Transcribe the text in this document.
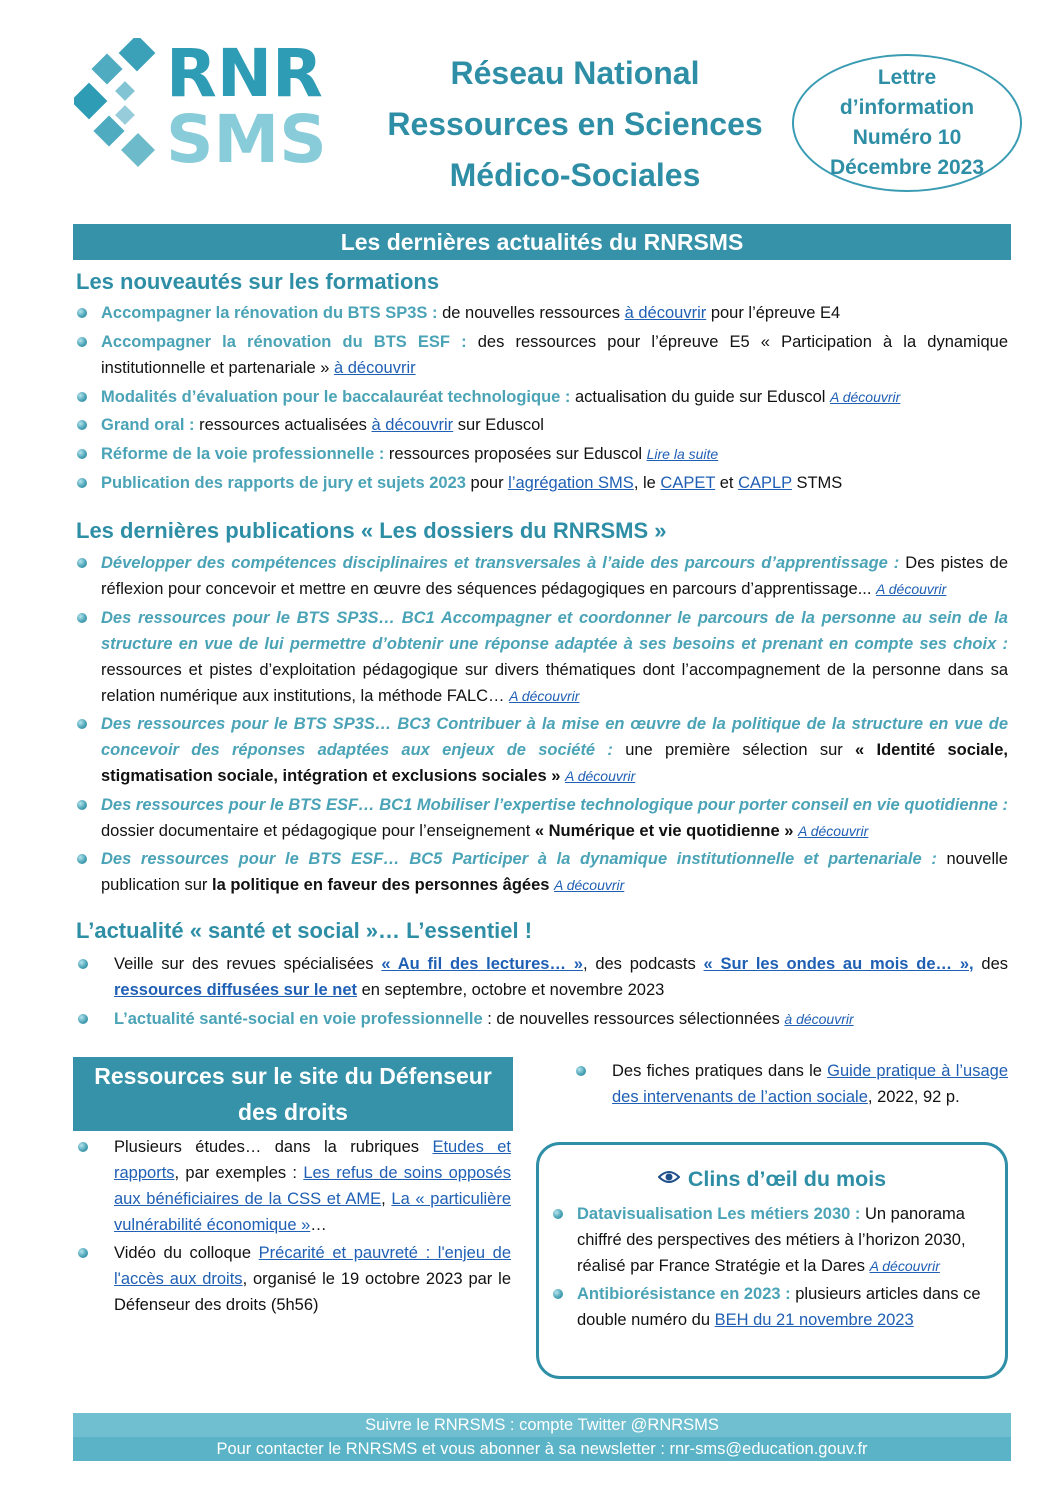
RNR
SMS
Réseau National
Ressources en Sciences
Médico-Sociales
Lettre
d’information
Numéro 10
Décembre 2023
Les dernières actualités du RNRSMS
Les nouveautés sur les formations
Accompagner la rénovation du BTS SP3S : de nouvelles ressources à découvrir pour l’épreuve E4
Accompagner la rénovation du BTS ESF : des ressources pour l’épreuve E5 « Participation à la dynamique institutionnelle et partenariale » à découvrir
Modalités d’évaluation pour le baccalauréat technologique : actualisation du guide sur Eduscol A découvrir
Grand oral : ressources actualisées à découvrir sur Eduscol
Réforme de la voie professionnelle : ressources proposées sur Eduscol Lire la suite
Publication des rapports de jury et sujets 2023 pour l’agrégation SMS, le CAPET et CAPLP STMS
Les dernières publications « Les dossiers du RNRSMS »
Développer des compétences disciplinaires et transversales à l’aide des parcours d’apprentissage : Des pistes de réflexion pour concevoir et mettre en œuvre des séquences pédagogiques en parcours d’apprentissage... A découvrir
Des ressources pour le BTS SP3S… BC1 Accompagner et coordonner le parcours de la personne au sein de la structure en vue de lui permettre d’obtenir une réponse adaptée à ses besoins et prenant en compte ses choix : ressources et pistes d’exploitation pédagogique sur divers thématiques dont l’accompagnement de la personne dans sa relation numérique aux institutions, la méthode FALC… A découvrir
Des ressources pour le BTS SP3S… BC3 Contribuer à la mise en œuvre de la politique de la structure en vue de concevoir des réponses adaptées aux enjeux de société : une première sélection sur « Identité sociale, stigmatisation sociale, intégration et exclusions sociales » A découvrir
Des ressources pour le BTS ESF… BC1 Mobiliser l’expertise technologique pour porter conseil en vie quotidienne : dossier documentaire et pédagogique pour l’enseignement « Numérique et vie quotidienne » A découvrir
Des ressources pour le BTS ESF… BC5 Participer à la dynamique institutionnelle et partenariale : nouvelle publication sur la politique en faveur des personnes âgées A découvrir
L’actualité « santé et social »… L’essentiel !
Veille sur des revues spécialisées « Au fil des lectures… », des podcasts « Sur les ondes au mois de… », des ressources diffusées sur le net en septembre, octobre et novembre 2023
L’actualité santé-social en voie professionnelle : de nouvelles ressources sélectionnées à découvrir
Ressources sur le site du Défenseur des droits
Plusieurs études… dans la rubriques Etudes et rapports, par exemples : Les refus de soins opposés aux bénéficiaires de la CSS et AME, La « particulière vulnérabilité économique »…
Vidéo du colloque Précarité et pauvreté : l'enjeu de l'accès aux droits, organisé le 19 octobre 2023 par le Défenseur des droits (5h56)
Des fiches pratiques dans le Guide pratique à l’usage des intervenants de l’action sociale, 2022, 92 p.
Clins d’œil du mois
Datavisualisation Les métiers 2030 : Un panorama chiffré des perspectives des métiers à l’horizon 2030, réalisé par France Stratégie et la Dares A découvrir
Antibiorésistance en 2023 : plusieurs articles dans ce double numéro du BEH du 21 novembre 2023
Suivre le RNRSMS : compte Twitter @RNRSMS
Pour contacter le RNRSMS et vous abonner à sa newsletter : rnr-sms@education.gouv.fr
